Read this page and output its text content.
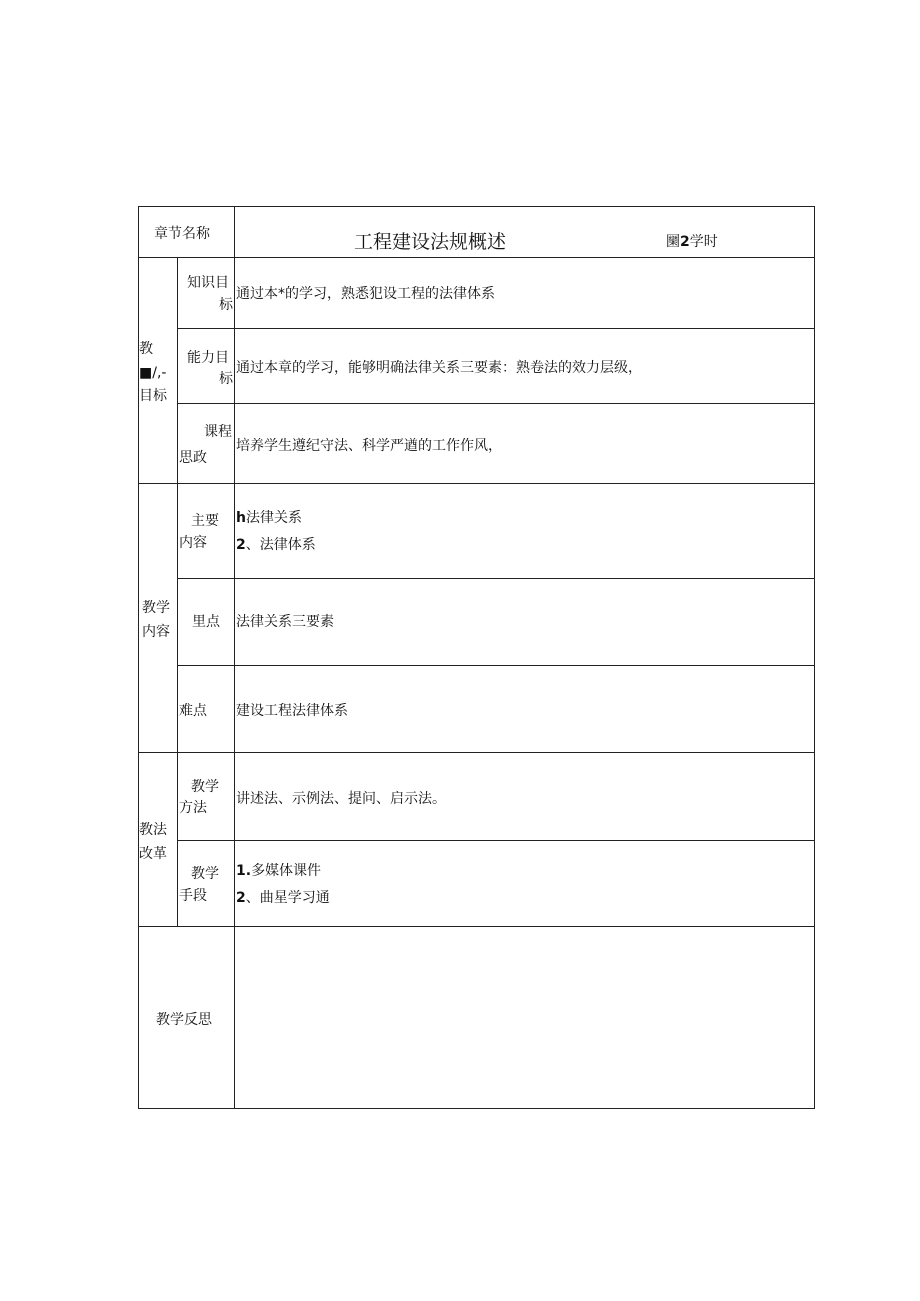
章节名称	工程建设法规概述	圞2学时
教
■/,-
目标
知识目
标
通过本*的学习，熟悉犯设工程的法律体系
能力目
标
通过本章的学习，能够明确法律关系三要素：熟卷法的效力层级，
课程
思政
培养学生遵纪守法、科学严遒的工作作风，
教学
内容
主要
内容
h法律关系
2、法律体系
里点 法律关系三要素
难点 建设工程法律体系
教法
改革
教学
方法
讲述法、示例法、提问、启示法。
教学
手段
1.多媒体课件
2、曲星学习通
教学反思
